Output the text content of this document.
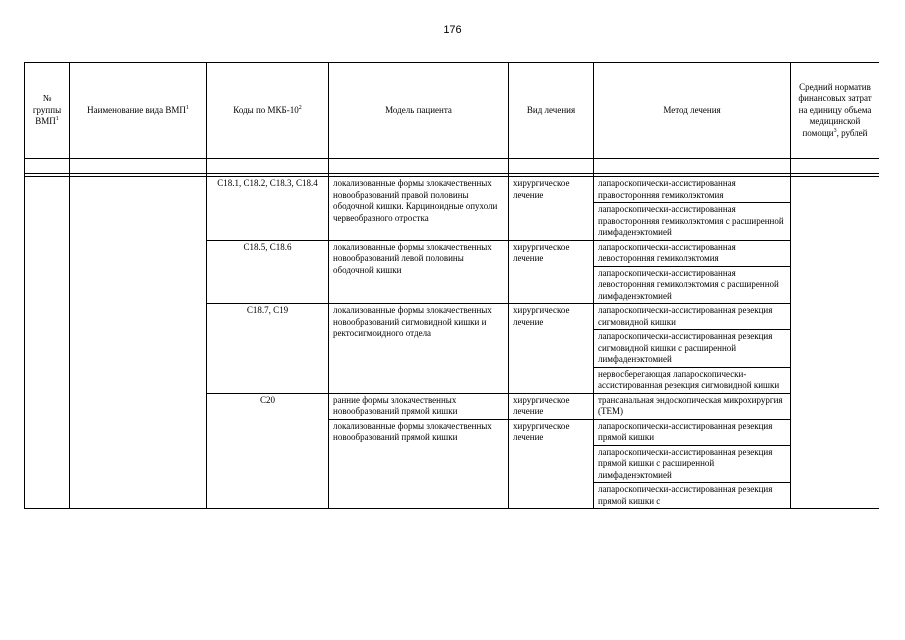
176
№ группы ВМП$^1$	Наименование вида ВМП$^1$	Коды по МКБ-$10^2$	Модель пациента	Вид лечения	Метод лечения	Средний норматив финансовых затрат на единицу объема медицинской помощи$^3$, рублей

		C18.1, C18.2, C18.3, C18.4	локализованные формы злокачественных новообразований правой половины ободочной кишки. Карциноидные опухоли червеобразного отростка	хирургическое лечение	лапароскопически-ассистированная правосторонняя гемиколэктомия	
					лапароскопически-ассистированная правосторонняя гемиколэктомия с расширенной лимфаденэктомией	
		C18.5, C18.6	локализованные формы злокачественных новообразований левой половины ободочной кишки	хирургическое лечение	лапароскопически-ассистированная левосторонняя гемиколэктомия	
					лапароскопически-ассистированная левосторонняя гемиколэктомия с расширенной лимфаденэктомией	
		C18.7, C19	локализованные формы злокачественных новообразований сигмовидной кишки и ректосигмоидного отдела	хирургическое лечение	лапароскопически-ассистированная резекция сигмовидной кишки	
					лапароскопически-ассистированная резекция сигмовидной кишки с расширенной лимфаденэктомией	
					нервосберегающая лапароскопически-ассистированная резекция сигмовидной кишки	
		C20	ранние формы злокачественных новообразований прямой кишки	хирургическое лечение	трансанальная эндоскопическая микрохирургия (ТЕМ)	
			локализованные формы злокачественных новообразований прямой кишки	хирургическое лечение	лапароскопически-ассистированная резекция прямой кишки	
					лапароскопически-ассистированная резекция прямой кишки с расширенной лимфаденэктомией	
					лапароскопически-ассистированная резекция прямой кишки с	
